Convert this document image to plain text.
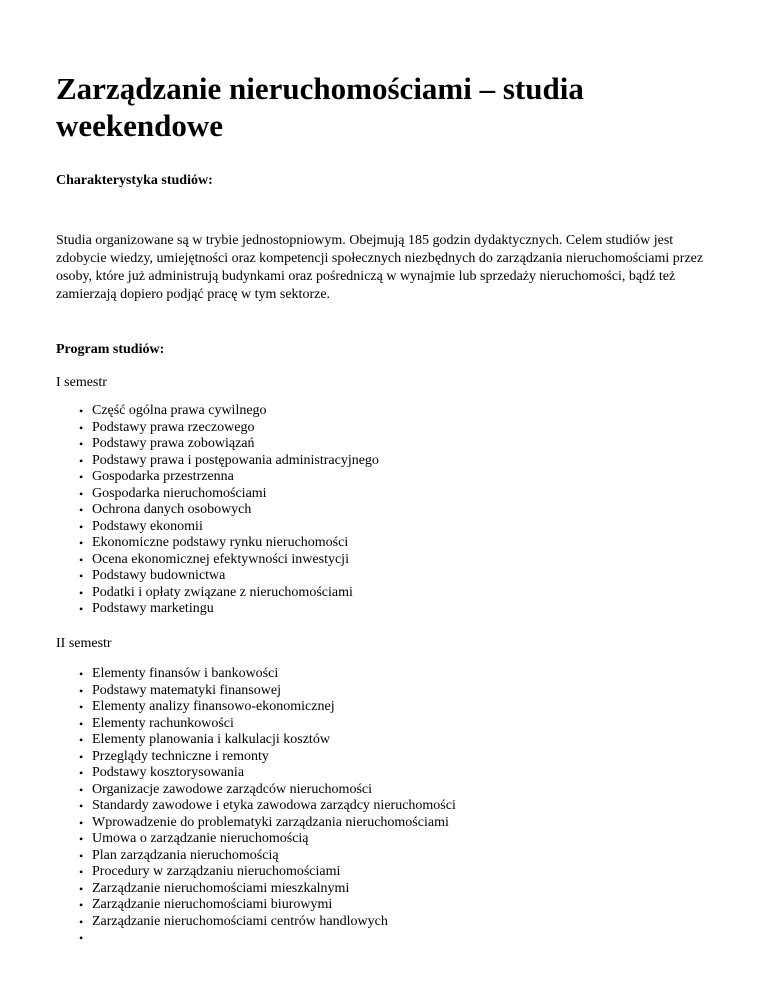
Zarządzanie nieruchomościami – studia weekendowe

Charakterystyka studiów:

Studia organizowane są w trybie jednostopniowym. Obejmują 185 godzin dydaktycznych. Celem studiów jest zdobycie wiedzy, umiejętności oraz kompetencji społecznych niezbędnych do zarządzania nieruchomościami przez osoby, które już administrują budynkami oraz pośredniczą w wynajmie lub sprzedaży nieruchomości, bądź też zamierzają dopiero podjąć pracę w tym sektorze.

Program studiów:

I semestr

• Część ogólna prawa cywilnego
• Podstawy prawa rzeczowego
• Podstawy prawa zobowiązań
• Podstawy prawa i postępowania administracyjnego
• Gospodarka przestrzenna
• Gospodarka nieruchomościami
• Ochrona danych osobowych
• Podstawy ekonomii
• Ekonomiczne podstawy rynku nieruchomości
• Ocena ekonomicznej efektywności inwestycji
• Podstawy budownictwa
• Podatki i opłaty związane z nieruchomościami
• Podstawy marketingu

II semestr

• Elementy finansów i bankowości
• Podstawy matematyki finansowej
• Elementy analizy finansowo-ekonomicznej
• Elementy rachunkowości
• Elementy planowania i kalkulacji kosztów
• Przeglądy techniczne i remonty
• Podstawy kosztorysowania
• Organizacje zawodowe zarządców nieruchomości
• Standardy zawodowe i etyka zawodowa zarządcy nieruchomości
• Wprowadzenie do problematyki zarządzania nieruchomościami
• Umowa o zarządzanie nieruchomością
• Plan zarządzania nieruchomością
• Procedury w zarządzaniu nieruchomościami
• Zarządzanie nieruchomościami mieszkalnymi
• Zarządzanie nieruchomościami biurowymi
• Zarządzanie nieruchomościami centrów handlowych
•
